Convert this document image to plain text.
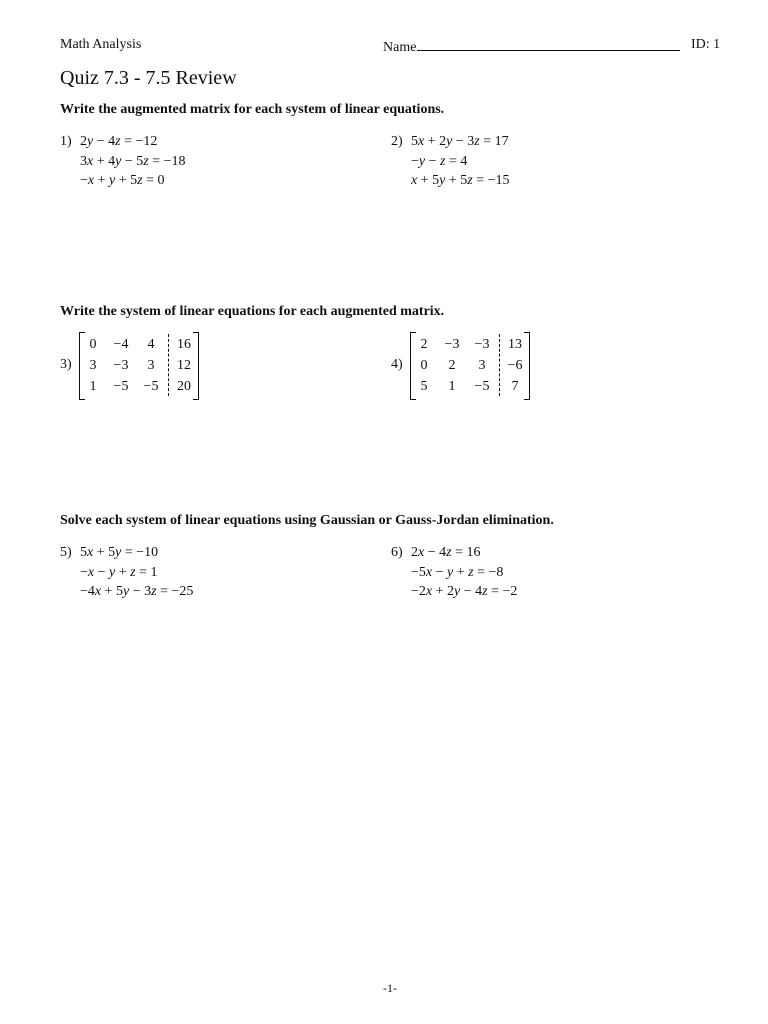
Math Analysis	Name	ID: 1
Quiz 7.3 - 7.5 Review
Write the augmented matrix for each system of linear equations.
1) 2y − 4z = −12
3x + 4y − 5z = −18
−x + y + 5z = 0
2) 5x + 2y − 3z = 17
−y − z = 4
x + 5y + 5z = −15
Write the system of linear equations for each augmented matrix.
3)
0	−4	4	16
3	−3	3	12
1	−5	−5	20
4)
2	−3	−3	13
0	2	3	−6
5	1	−5	7
Solve each system of linear equations using Gaussian or Gauss-Jordan elimination.
5) 5x + 5y = −10
−x − y + z = 1
−4x + 5y − 3z = −25
6) 2x − 4z = 16
−5x − y + z = −8
−2x + 2y − 4z = −2
-1-
